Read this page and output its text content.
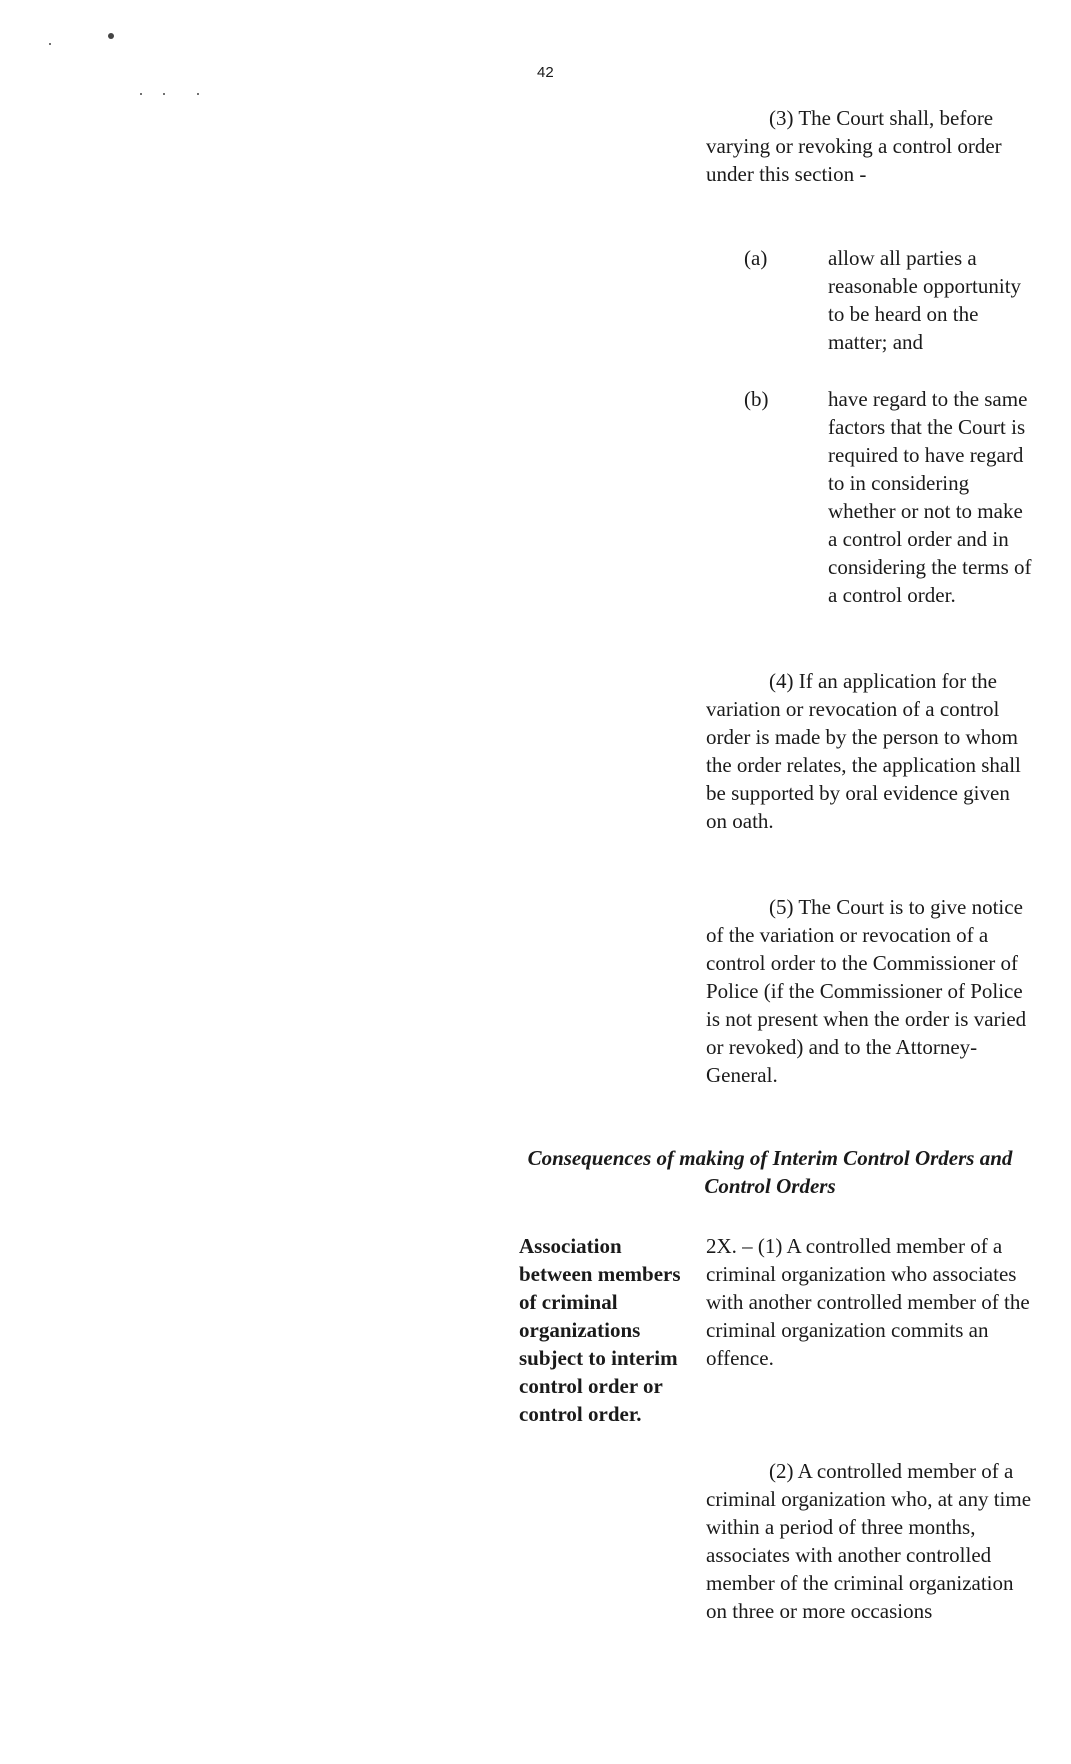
42

(3) The Court shall, before varying or revoking a control order under this section -

(a)	allow all parties a reasonable opportunity to be heard on the matter; and
(b)	have regard to the same factors that the Court is required to have regard to in considering whether or not to make a control order and in considering the terms of a control order.

(4) If an application for the variation or revocation of a control order is made by the person to whom the order relates, the application shall be supported by oral evidence given on oath.

(5) The Court is to give notice of the variation or revocation of a control order to the Commissioner of Police (if the Commissioner of Police is not present when the order is varied or revoked) and to the Attorney-General.

Consequences of making of Interim Control Orders and Control Orders

Association between members of criminal organizations subject to interim control order or control order.

2X. – (1) A controlled member of a criminal organization who associates with another controlled member of the criminal organization commits an offence.

(2) A controlled member of a criminal organization who, at any time within a period of three months, associates with another controlled member of the criminal organization on three or more occasions
